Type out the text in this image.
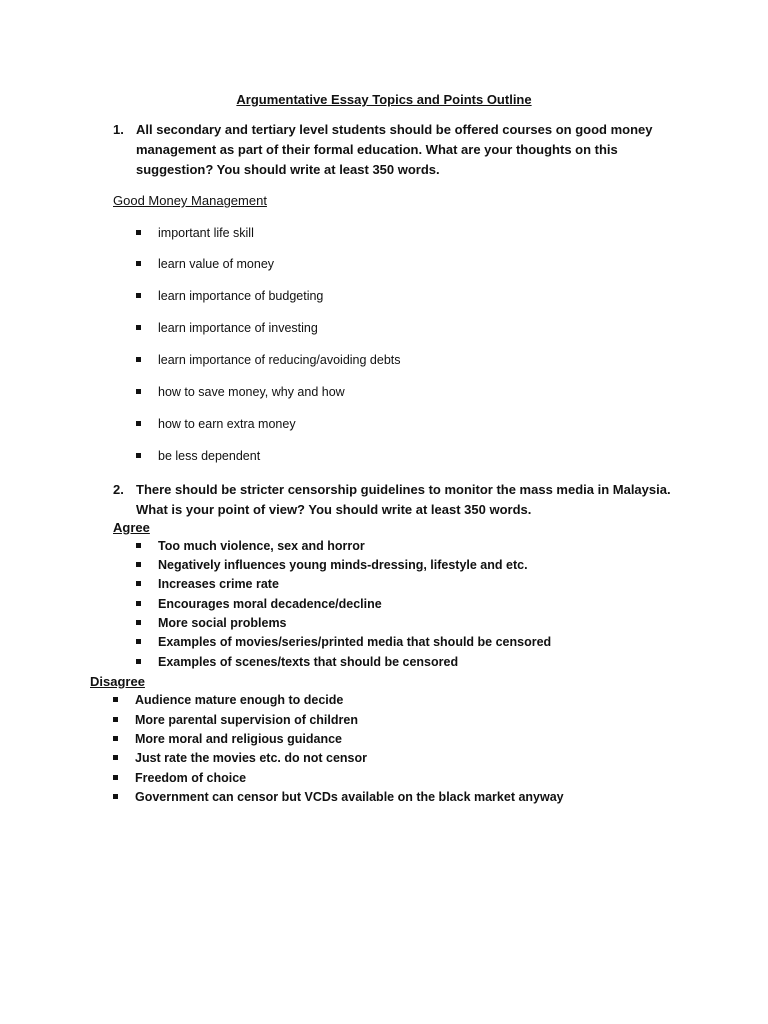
Argumentative Essay Topics and Points Outline
1. All secondary and tertiary level students should be offered courses on good money management as part of their formal education. What are your thoughts on this suggestion? You should write at least 350 words.
Good Money Management
important life skill
learn value of money
learn importance of budgeting
learn importance of investing
learn importance of reducing/avoiding debts
how to save money, why and how
how to earn extra money
be less dependent
2. There should be stricter censorship guidelines to monitor the mass media in Malaysia. What is your point of view? You should write at least 350 words.
Agree
Too much violence, sex and horror
Negatively influences young minds-dressing, lifestyle and etc.
Increases crime rate
Encourages moral decadence/decline
More social problems
Examples of movies/series/printed media that should be censored
Examples of scenes/texts that should be censored
Disagree
Audience mature enough to decide
More parental supervision of children
More moral and religious guidance
Just rate the movies etc. do not censor
Freedom of choice
Government can censor but VCDs available on the black market anyway
